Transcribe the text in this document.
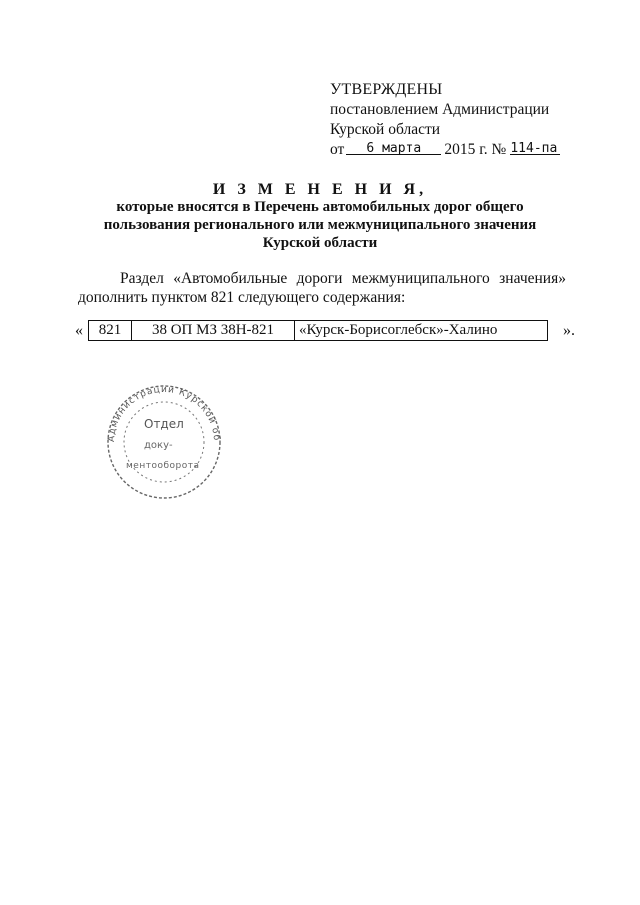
УТВЕРЖДЕНЫ
постановлением Администрации
Курской области
от 6 марта 2015 г. № 114-па
И З М Е Н Е Н И Я,
которые вносятся в Перечень автомобильных дорог общего
пользования регионального или межмуниципального значения
Курской области
Раздел «Автомобильные дороги межмуниципального значения»
дополнить пунктом 821 следующего содержания:
« 821	38 ОП МЗ 38Н-821	«Курск-Борисоглебск»-Халино	».
Администрации Курской об
Отдел
доку-
ментооборота
